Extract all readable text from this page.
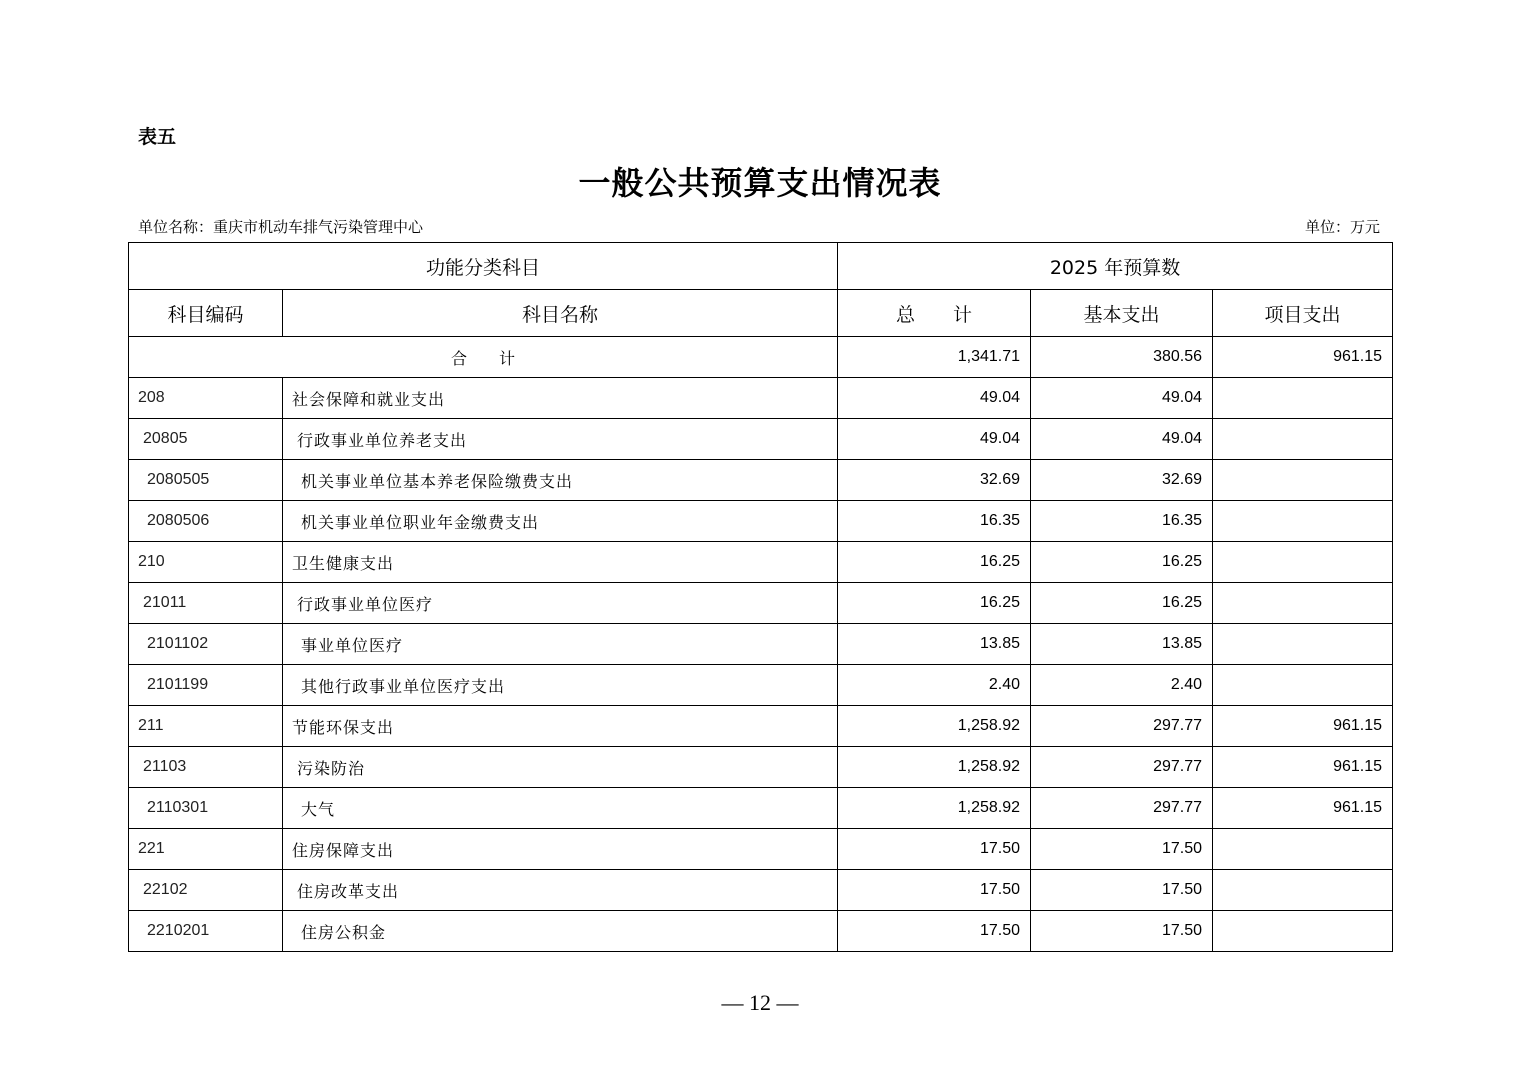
表五
一般公共预算支出情况表
单位名称：重庆市机动车排气污染管理中心	单位：万元
功能分类科目		2025 年预算数		
科目编码	科目名称	总　　计	基本支出	项目支出
合　　计		1,341.71	380.56	961.15
208	社会保障和就业支出	49.04	49.04	
20805	行政事业单位养老支出	49.04	49.04	
2080505	机关事业单位基本养老保险缴费支出	32.69	32.69	
2080506	机关事业单位职业年金缴费支出	16.35	16.35	
210	卫生健康支出	16.25	16.25	
21011	行政事业单位医疗	16.25	16.25	
2101102	事业单位医疗	13.85	13.85	
2101199	其他行政事业单位医疗支出	2.40	2.40	
211	节能环保支出	1,258.92	297.77	961.15
21103	污染防治	1,258.92	297.77	961.15
2110301	大气	1,258.92	297.77	961.15
221	住房保障支出	17.50	17.50	
22102	住房改革支出	17.50	17.50	
2210201	住房公积金	17.50	17.50	
— 12 —
